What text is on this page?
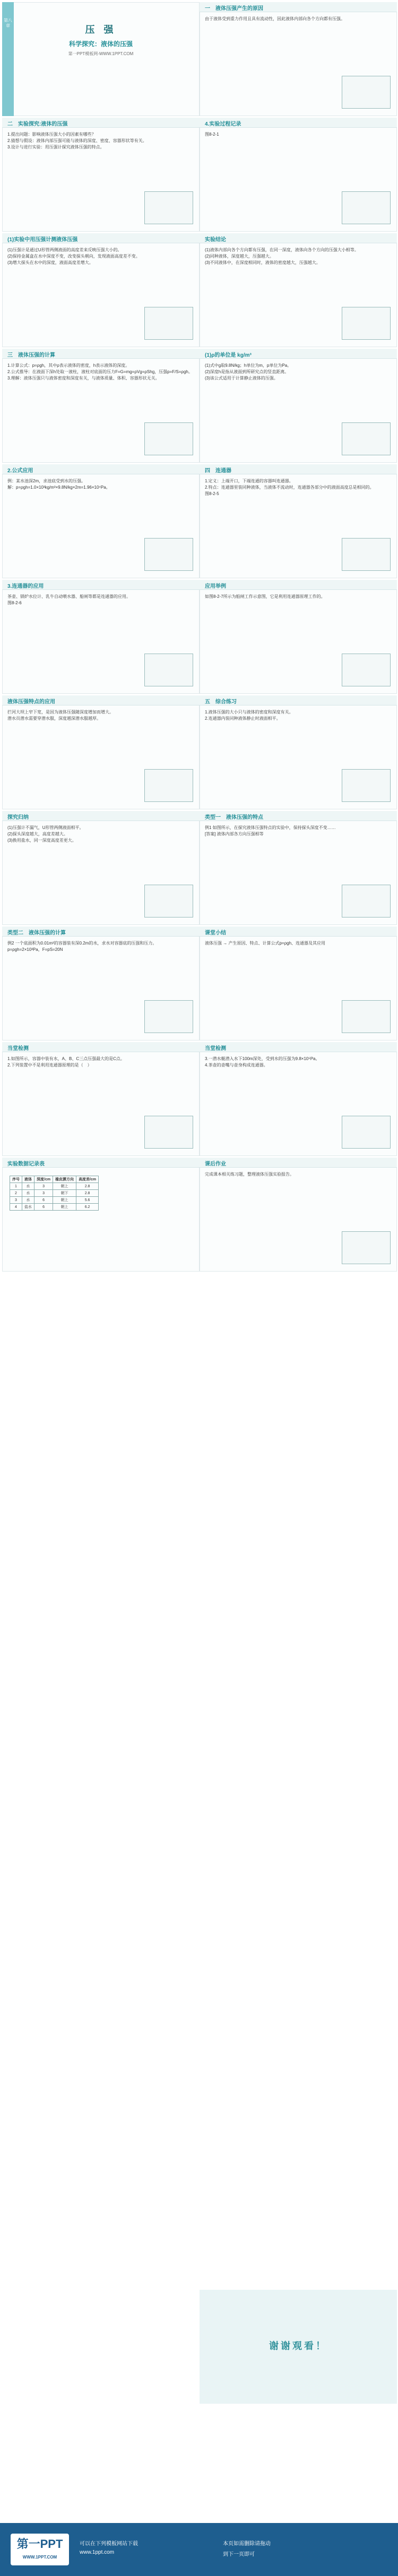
第八章	压 强
科学探究：液体的压强
第一PPT模板网-WWW.1PPT.COM
一　液体压强产生的原因
由于液体受到重力作用且具有流动性，因此液体内部向各个方向都有压强。
二　实验探究:液体的压强
1.提出问题：影响液体压强大小的因素有哪些？
2.猜想与假设：液体内部压强可能与液体的深度、密度、容器形状等有关。
3.设计与进行实验：用压强计探究液体压强的特点。
4.实验过程记录
图8-2-1
(1)实验中用压强计测液体压强
(1)压强计是通过U形管两侧液面的高度差来反映压强大小的。
(2)保持金属盒在水中深度不变，改变探头朝向，发现液面高度差不变。
(3)增大探头在水中的深度，液面高度差增大。
实验结论
(1)液体内部向各个方向都有压强，在同一深度，液体向各个方向的压强大小相等。
(2)同种液体，深度越大，压强越大。
(3)不同液体中，在深度相同时，液体的密度越大，压强越大。
三　液体压强的计算
1.计算公式：p=ρgh，其中ρ表示液体的密度，h表示液体的深度。
2.公式推导：在液面下深h处取一液柱，液柱对底面的压力F=G=mg=ρVg=ρShg，压强p=F/S=ρgh。
3.理解：液体压强只与液体密度和深度有关，与液体质量、体积、容器形状无关。
(1)ρ的单位是 kg/m³
(1)式中g取9.8N/kg；h单位为m，p单位为Pa。
(2)深度h是指从液面到所研究点的竖直距离。
(3)该公式适用于计算静止液体的压强。
2.公式应用
例：某水池深2m，求池底受到水的压强。
解：p=ρgh=1.0×10³kg/m³×9.8N/kg×2m=1.96×10⁴Pa。
四　连通器
1.定义：上端开口，下端连通的容器叫连通器。
2.特点：连通器里装同种液体，当液体不流动时，连通器各部分中的液面高度总是相同的。
图8-2-5
3.连通器的应用
茶壶、锅炉水位计、乳牛自动喂水器、船闸等都是连通器的应用。
图8-2-6
应用举例
如图8-2-7所示为船闸工作示意图，它是利用连通器原理工作的。
液体压强特点的应用
拦河大坝上窄下宽，是因为液体压强随深度增加而增大。
潜水员潜水需要穿潜水服，深度越深潜水服越厚。
五　综合练习
1.液体压强的大小只与液体的密度和深度有关。
2.连通器内装同种液体静止时液面相平。
探究归纳
(1)压强计不漏气，U形管两侧液面相平。
(2)探头深度越大，高度差越大。
(3)换用盐水，同一深度高度差更大。
类型一　液体压强的特点
例1 如图所示，在探究液体压强特点的实验中，保持探头深度不变……
[答案] 液体内部各方向压强相等
类型二　液体压强的计算
例2 一个底面积为0.01m²的容器装有深0.2m的水，求水对容器底的压强和压力。
p=ρgh=2×10³Pa，F=pS=20N
课堂小结
液体压强 → 产生原因、特点、计算公式p=ρgh、连通器及其应用
当堂检测
1.如图所示，容器中装有水，A、B、C三点压强最大的是C点。
2.下列装置中不是利用连通器原理的是（　）
当堂检测
3.一潜水艇潜入水下100m深处，受到水的压强为9.8×10⁵Pa。
4.茶壶的壶嘴与壶身构成连通器。
课后作业
完成课本相关练习题，整理液体压强实验报告。
实验数据记录表
序号	液体	深度/cm	橡皮膜方向	高度差/cm
1	水	3	朝上	2.8
2	水	3	朝下	2.8
3	水	6	朝上	5.6
4	盐水	6	朝上	6.2
谢谢观看！
第一PPT
WWW.1PPT.COM
可以在下列模板网站下载
www.1ppt.com
本页如需删除请拖动
到下一页即可
